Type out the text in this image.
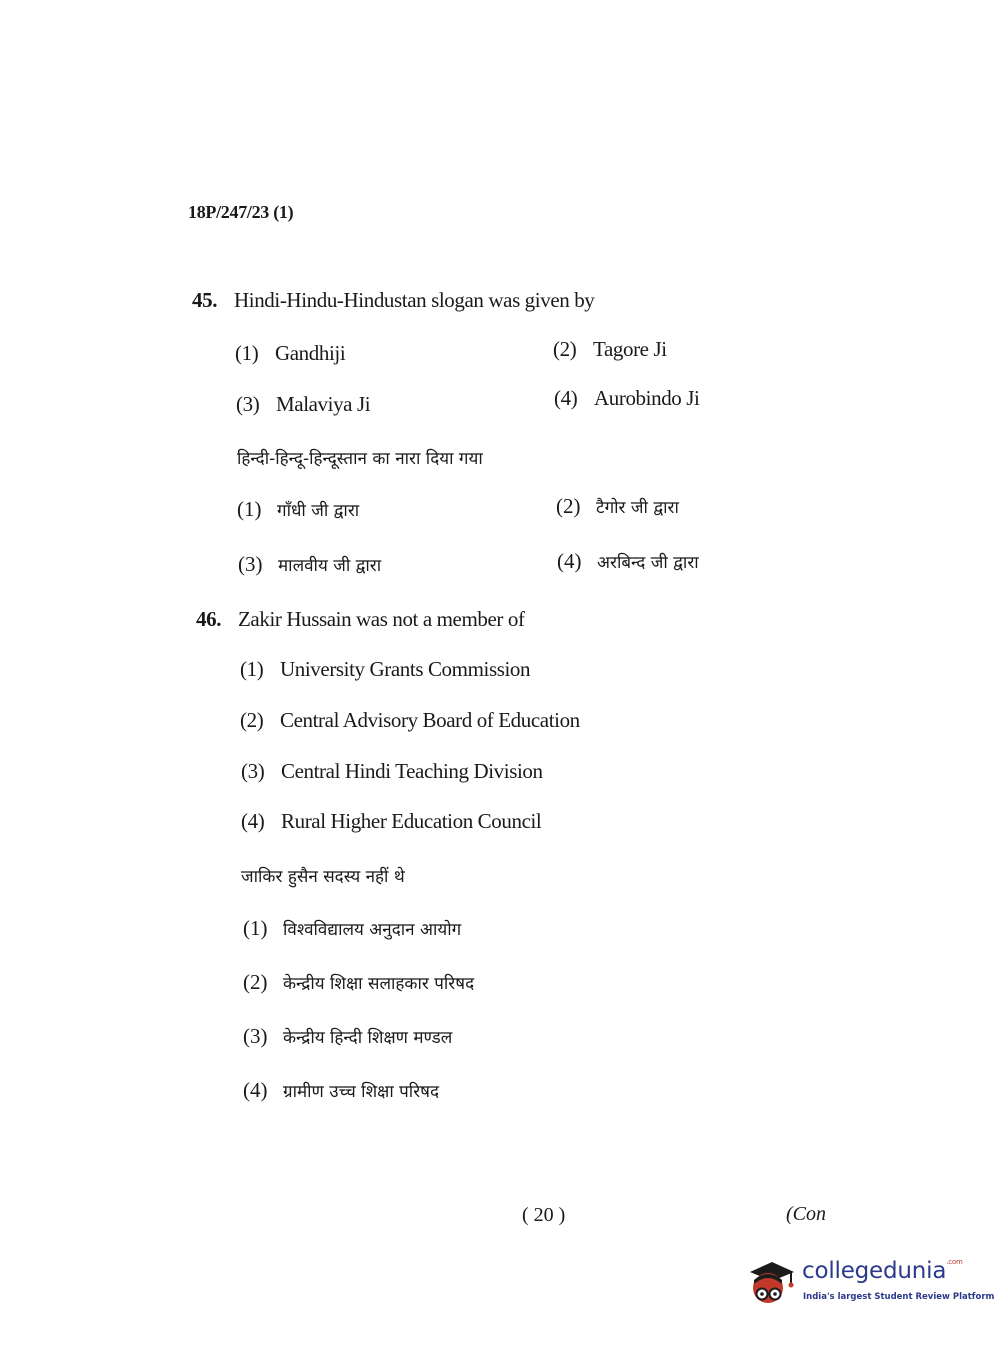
18P/247/23 (1)
45. Hindi-Hindu-Hindustan slogan was given by
(1) Gandhiji	(2) Tagore Ji
(3) Malaviya Ji	(4) Aurobindo Ji
हिन्दी-हिन्दू-हिन्दूस्तान का नारा दिया गया
(1) गाँधी जी द्वारा	(2) टैगोर जी द्वारा
(3) मालवीय जी द्वारा	(4) अरबिन्द जी द्वारा
46. Zakir Hussain was not a member of
(1) University Grants Commission
(2) Central Advisory Board of Education
(3) Central Hindi Teaching Division
(4) Rural Higher Education Council
जाकिर हुसैन सदस्य नहीं थे
(1) विश्वविद्यालय अनुदान आयोग
(2) केन्द्रीय शिक्षा सलाहकार परिषद
(3) केन्द्रीय हिन्दी शिक्षण मण्डल
(4) ग्रामीण उच्च शिक्षा परिषद
( 20 )	(Con
collegedunia$^{.com}$
India's largest Student Review Platform
